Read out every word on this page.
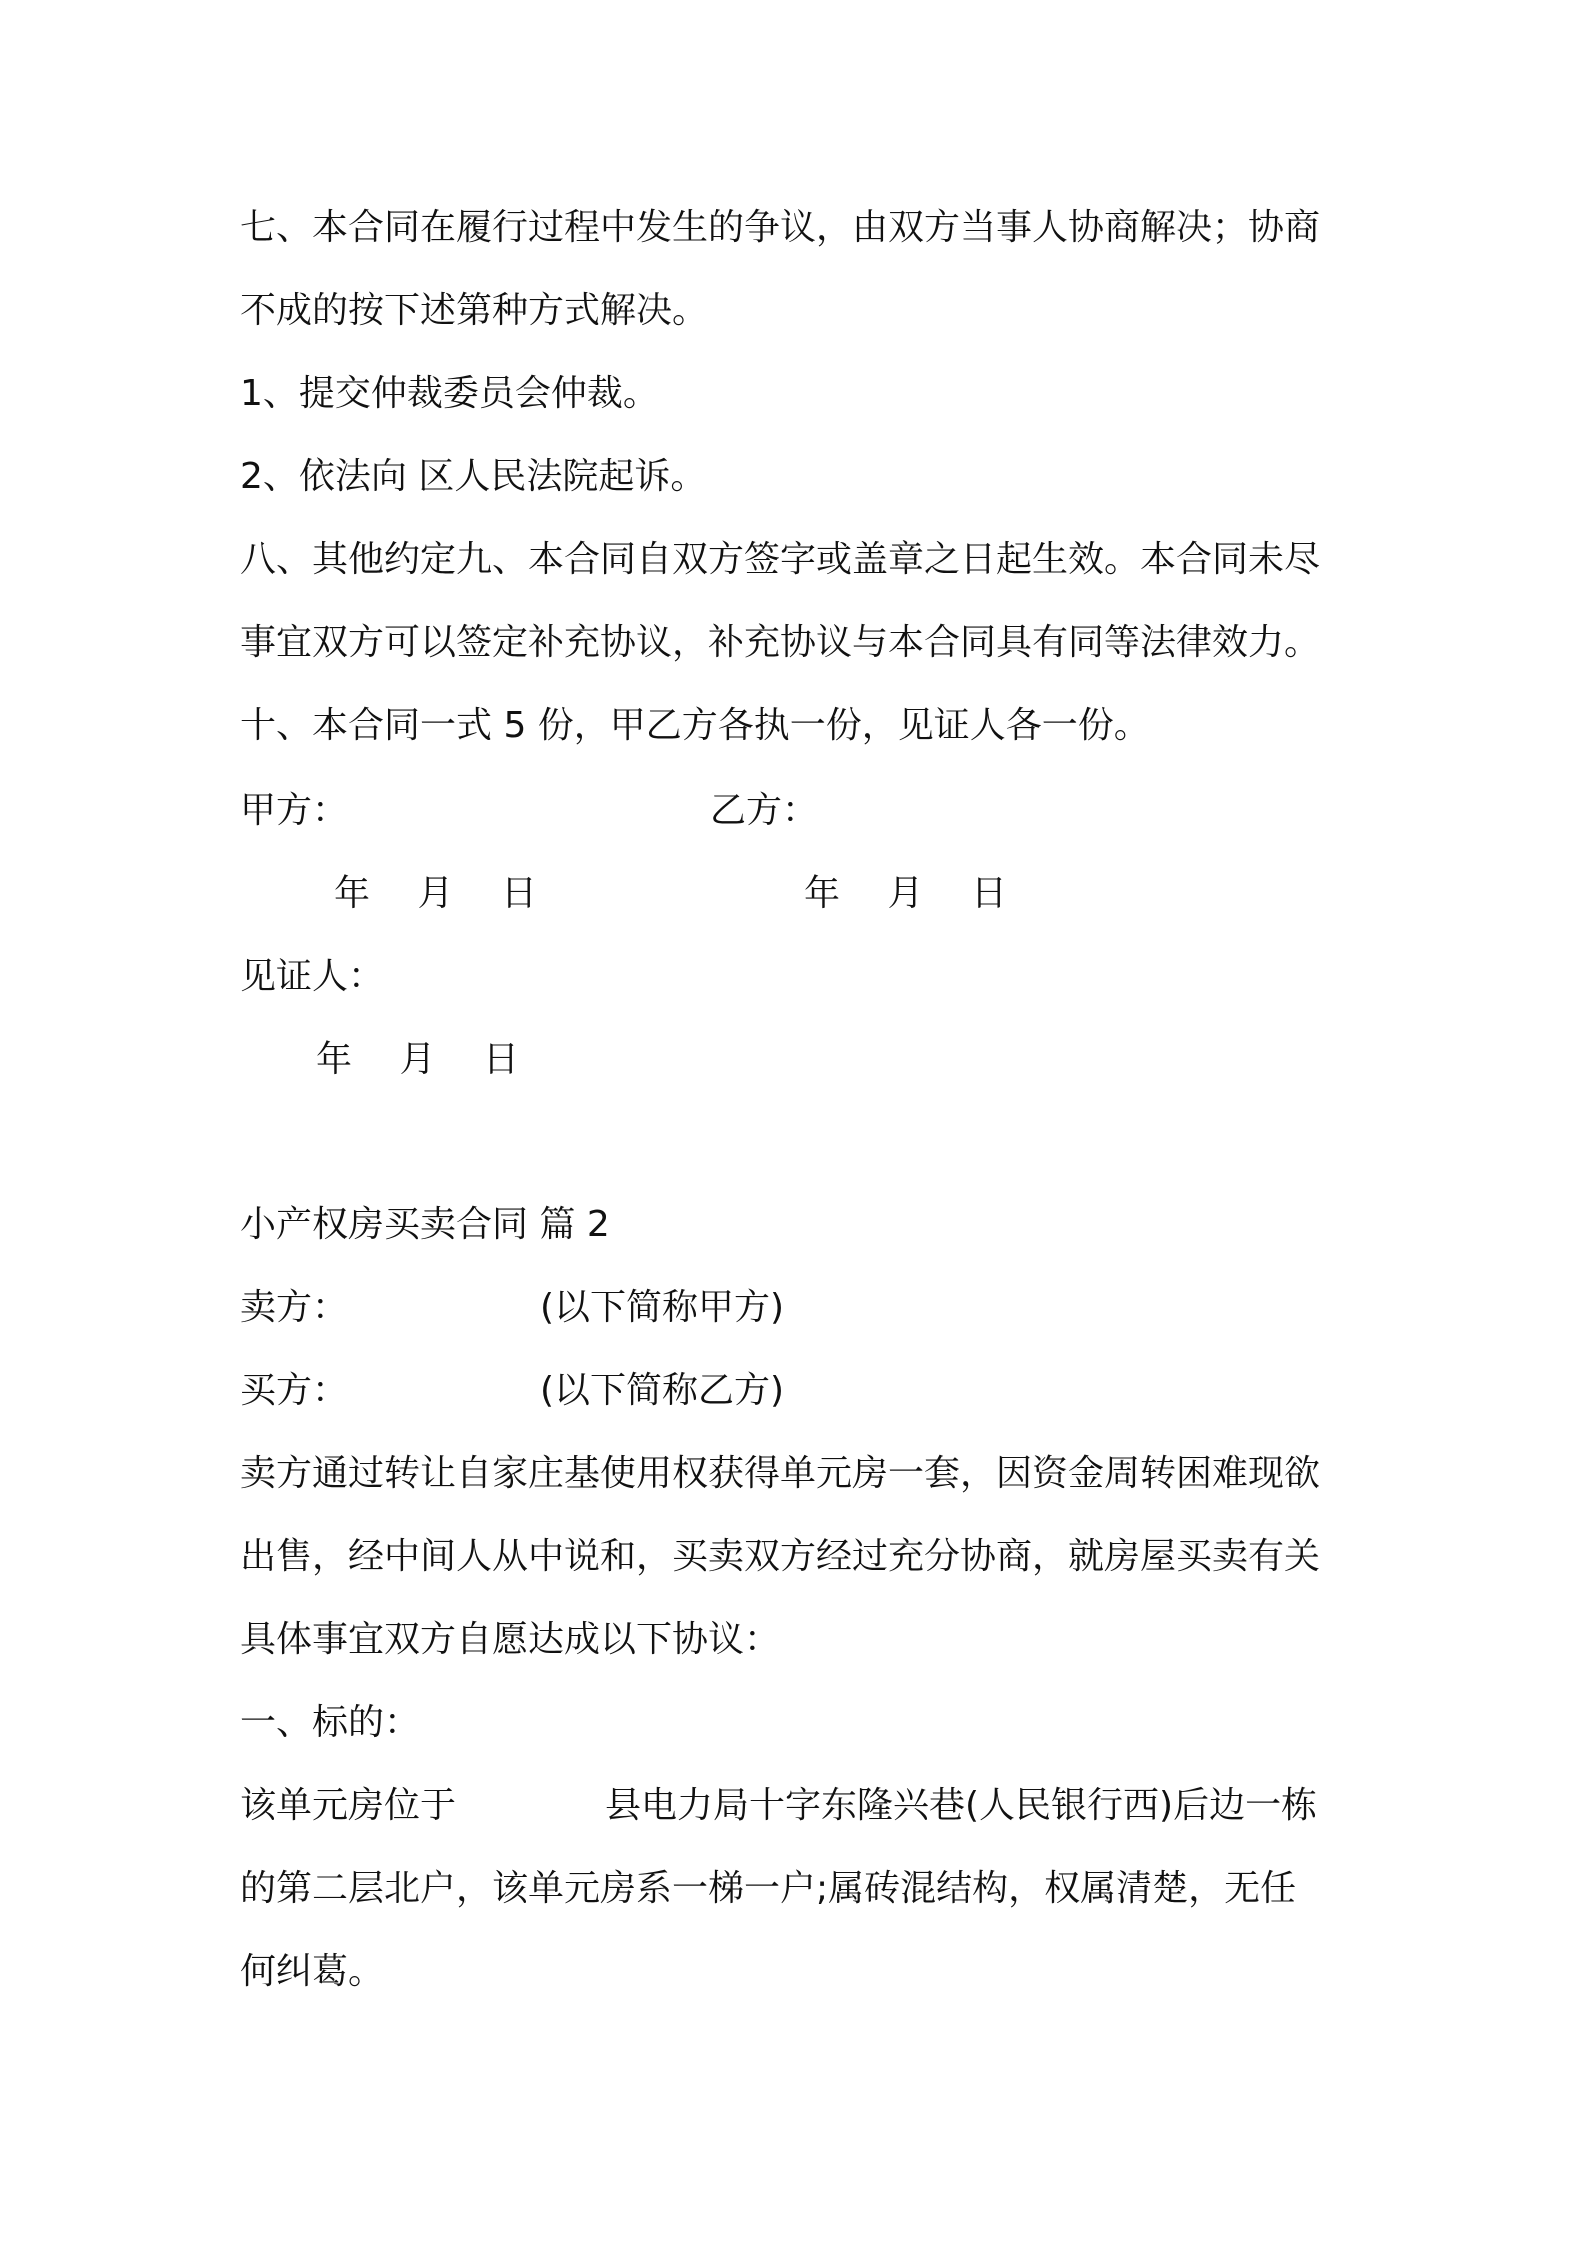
七、本合同在履行过程中发生的争议，由双方当事人协商解决；协商
不成的按下述第种方式解决。
1、提交仲裁委员会仲裁。
2、依法向 区人民法院起诉。
八、其他约定九、本合同自双方签字或盖章之日起生效。本合同未尽
事宜双方可以签定补充协议，补充协议与本合同具有同等法律效力。
十、本合同一式 5 份，甲乙方各执一份，见证人各一份。
甲方：	乙方：
年 月 日	年 月 日
见证人：
年 月 日
小产权房买卖合同 篇 2
卖方：	(以下简称甲方)
买方：	(以下简称乙方)
卖方通过转让自家庄基使用权获得单元房一套，因资金周转困难现欲
出售，经中间人从中说和，买卖双方经过充分协商，就房屋买卖有关
具体事宜双方自愿达成以下协议：
一、标的：
该单元房位于	县电力局十字东隆兴巷(人民银行西)后边一栋
的第二层北户，该单元房系一梯一户;属砖混结构，权属清楚，无任
何纠葛。
